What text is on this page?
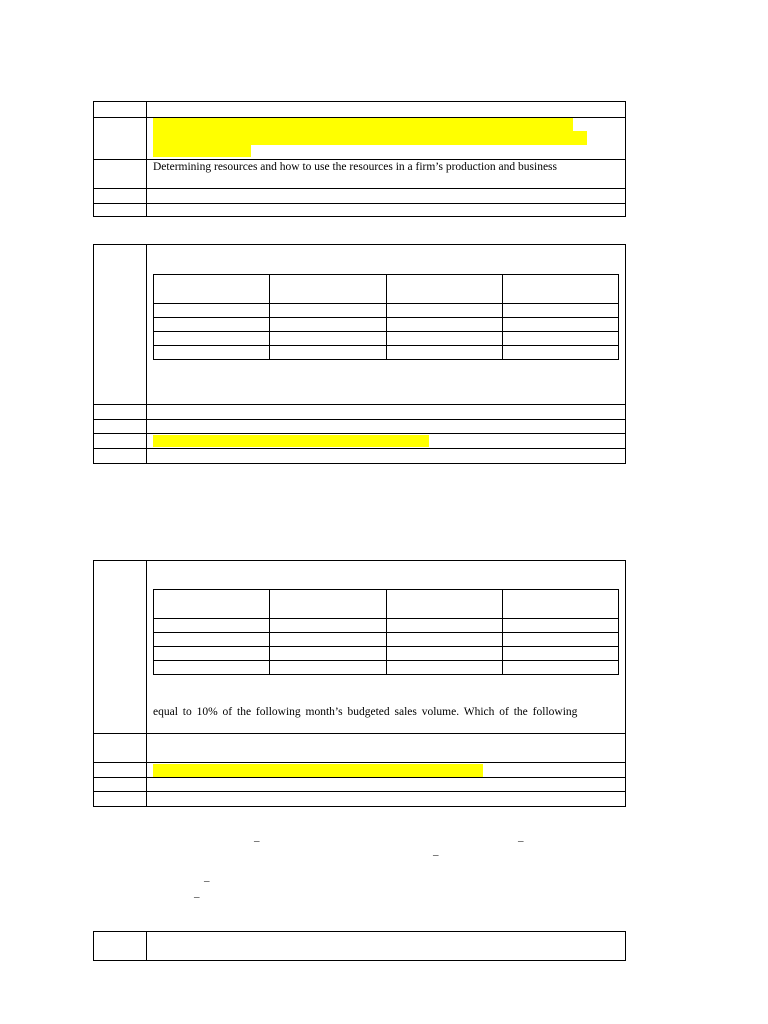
Determining resources and how to use the resources in a firm’s production and business

equal to 10% of the following month’s budgeted sales volume. Which of the following
–	–
–
–
–
